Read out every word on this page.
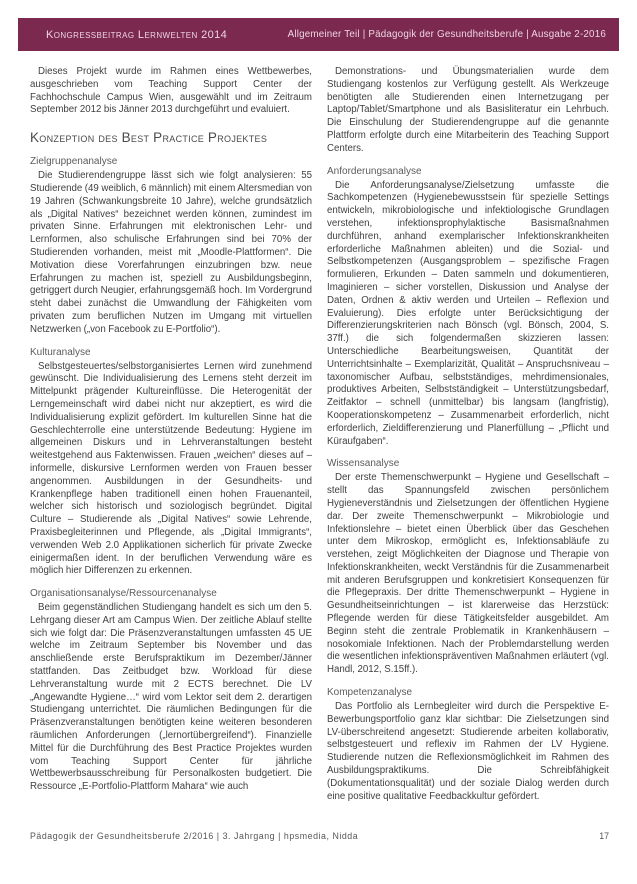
Kongressbeitrag Lernwelten 2014	Allgemeiner Teil | Pädagogik der Gesundheitsberufe | Ausgabe 2-2016
Dieses Projekt wurde im Rahmen eines Wettbewerbes, ausgeschrieben vom Teaching Support Center der Fachhochschule Campus Wien, ausgewählt und im Zeitraum September 2012 bis Jänner 2013 durchgeführt und evaluiert.
Konzeption des Best Practice Projektes
Zielgruppenanalyse
Die Studierendengruppe lässt sich wie folgt analysieren: 55 Studierende (49 weiblich, 6 männlich) mit einem Altersmedian von 19 Jahren (Schwankungsbreite 10 Jahre), welche grundsätzlich als „Digital Natives“ bezeichnet werden können, zumindest im privaten Sinne. Erfahrungen mit elektronischen Lehr- und Lernformen, also schulische Erfahrungen sind bei 70% der Studierenden vorhanden, meist mit „Moodle-Plattformen“. Die Motivation diese Vorerfahrungen einzubringen bzw. neue Erfahrungen zu machen ist, speziell zu Ausbildungsbeginn, getriggert durch Neugier, erfahrungsgemäß hoch. Im Vordergrund steht dabei zunächst die Umwandlung der Fähigkeiten vom privaten zum beruflichen Nutzen im Umgang mit virtuellen Netzwerken („von Facebook zu E-Portfolio“).
Kulturanalyse
Selbstgesteuertes/selbstorganisiertes Lernen wird zunehmend gewünscht. Die Individualisierung des Lernens steht derzeit im Mittelpunkt prägender Kultureinflüsse. Die Heterogenität der Lerngemeinschaft wird dabei nicht nur akzeptiert, es wird die Individualisierung explizit gefördert. Im kulturellen Sinne hat die Geschlechterrolle eine unterstützende Bedeutung: Hygiene im allgemeinen Diskurs und in Lehrveranstaltungen besteht weitestgehend aus Faktenwissen. Frauen „weichen“ dieses auf – informelle, diskursive Lernformen werden von Frauen besser angenommen. Ausbildungen in der Gesundheits- und Krankenpflege haben traditionell einen hohen Frauenanteil, welcher sich historisch und soziologisch begründet. Digital Culture – Studierende als „Digital Natives“ sowie Lehrende, Praxisbegleiterinnen und Pflegende, als „Digital Immigrants“, verwenden Web 2.0 Applikationen sicherlich für private Zwecke einigermaßen ident. In der beruflichen Verwendung wäre es möglich hier Differenzen zu erkennen.
Organisationsanalyse/Ressourcenanalyse
Beim gegenständlichen Studiengang handelt es sich um den 5. Lehrgang dieser Art am Campus Wien. Der zeitliche Ablauf stellte sich wie folgt dar: Die Präsenzveranstaltungen umfassten 45 UE welche im Zeitraum September bis November und das anschließende erste Berufspraktikum im Dezember/Jänner stattfanden. Das Zeitbudget bzw. Workload für diese Lehrveranstaltung wurde mit 2 ECTS berechnet. Die LV „Angewandte Hygiene…“ wird vom Lektor seit dem 2. derartigen Studiengang unterrichtet. Die räumlichen Bedingungen für die Präsenzveranstaltungen benötigten keine weiteren besonderen räumlichen Anforderungen („lernortübergreifend“). Finanzielle Mittel für die Durchführung des Best Practice Projektes wurden vom Teaching Support Center für jährliche Wettbewerbsausschreibung für Personalkosten budgetiert. Die Ressource „E-Portfolio-Plattform Mahara“ wie auch
Demonstrations- und Übungsmaterialien wurde dem Studiengang kostenlos zur Verfügung gestellt. Als Werkzeuge benötigten alle Studierenden einen Internetzugang per Laptop/Tablet/Smartphone und als Basisliteratur ein Lehrbuch. Die Einschulung der Studierendengruppe auf die genannte Plattform erfolgte durch eine Mitarbeiterin des Teaching Support Centers.
Anforderungsanalyse
Die Anforderungsanalyse/Zielsetzung umfasste die Sachkompetenzen (Hygienebewusstsein für spezielle Settings entwickeln, mikrobiologische und infektiologische Grundlagen verstehen, infektionsprophylaktische Basismaßnahmen durchführen, anhand exemplarischer Infektionskrankheiten erforderliche Maßnahmen ableiten) und die Sozial- und Selbstkompetenzen (Ausgangsproblem – spezifische Fragen formulieren, Erkunden – Daten sammeln und dokumentieren, Imaginieren – sicher vorstellen, Diskussion und Analyse der Daten, Ordnen & aktiv werden und Urteilen – Reflexion und Evaluierung). Dies erfolgte unter Berücksichtigung der Differenzierungskriterien nach Bönsch (vgl. Bönsch, 2004, S. 37ff.) die sich folgendermaßen skizzieren lassen: Unterschiedliche Bearbeitungsweisen, Quantität der Unterrichtsinhalte – Exemplarizität, Qualität – Anspruchsniveau – taxonomischer Aufbau, selbstständiges, mehrdimensionales, produktives Arbeiten, Selbstständigkeit – Unterstützungsbedarf, Zeitfaktor – schnell (unmittelbar) bis langsam (langfristig), Kooperationskompetenz – Zusammenarbeit erforderlich, nicht erforderlich, Zieldifferenzierung und Planerfüllung – „Pflicht und Küraufgaben“.
Wissensanalyse
Der erste Themenschwerpunkt – Hygiene und Gesellschaft – stellt das Spannungsfeld zwischen persönlichem Hygieneverständnis und Zielsetzungen der öffentlichen Hygiene dar. Der zweite Themenschwerpunkt – Mikrobiologie und Infektionslehre – bietet einen Überblick über das Geschehen unter dem Mikroskop, ermöglicht es, Infektionsabläufe zu verstehen, zeigt Möglichkeiten der Diagnose und Therapie von Infektionskrankheiten, weckt Verständnis für die Zusammenarbeit mit anderen Berufsgruppen und konkretisiert Konsequenzen für die Pflegepraxis. Der dritte Themenschwerpunkt – Hygiene in Gesundheitseinrichtungen – ist klarerweise das Herzstück: Pflegende werden für diese Tätigkeitsfelder ausgebildet. Am Beginn steht die zentrale Problematik in Krankenhäusern – nosokomiale Infektionen. Nach der Problemdarstellung werden die wesentlichen infektionspräventiven Maßnahmen erläutert (vgl. Handl, 2012, S.15ff.).
Kompetenzanalyse
Das Portfolio als Lernbegleiter wird durch die Perspektive E-Bewerbungsportfolio ganz klar sichtbar: Die Zielsetzungen sind LV-überschreitend angesetzt: Studierende arbeiten kollaborativ, selbstgesteuert und reflexiv im Rahmen der LV Hygiene. Studierende nutzen die Reflexionsmöglichkeit im Rahmen des Ausbildungspraktikums. Die Schreibfähigkeit (Dokumentationsqualität) und der soziale Dialog werden durch eine positive qualitative Feedbackkultur gefördert.
Pädagogik der Gesundheitsberufe 2/2016 | 3. Jahrgang | hpsmedia, Nidda	17
